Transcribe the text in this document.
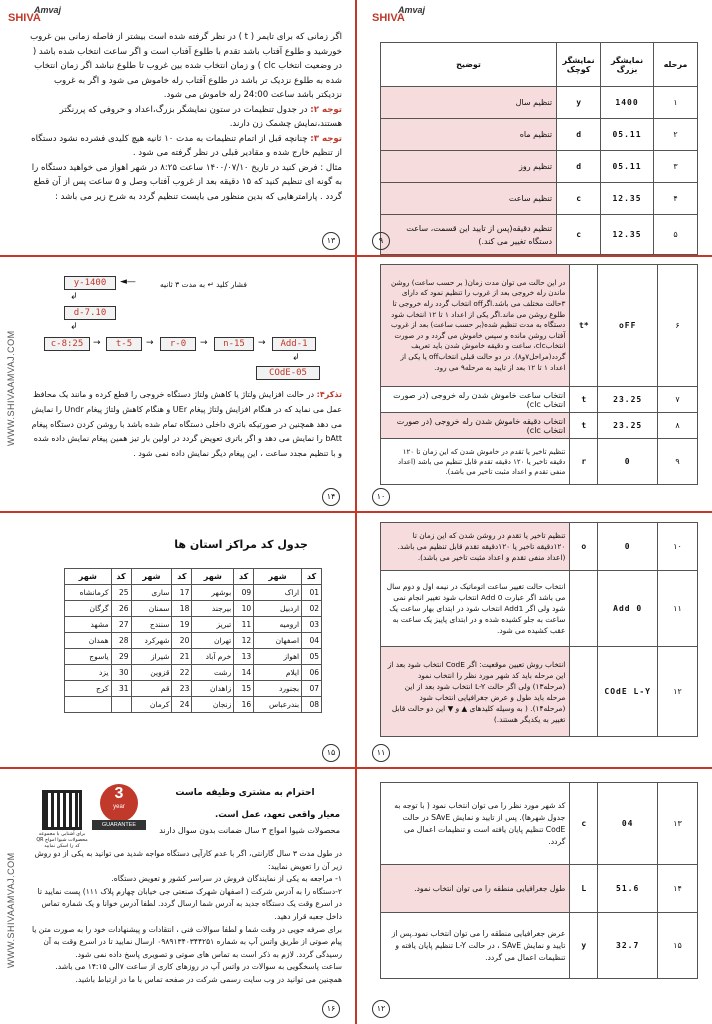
SHIVA
Amvaj
توضیح	نمایشگر کوچک	نمایشگر بزرگ	مرحله
تنظیم سال	y	1400	۱
تنظیم ماه	d	05.11	۲
تنظیم روز	d	05.11	۳
تنظیم ساعت	c	12.35	۴
تنظیم دقیقه(پس از تایید این قسمت، ساعت دستگاه تغییر می کند.)	c	12.35	۵
۹
در این حالت می توان مدت زمان( بر حسب ساعت) روشن ماندن رله خروجی بعد از غروب را تنظیم نمود که دارای ۳حالت مختلف می باشد.اگرoff انتخاب گردد رله خروجی تا طلوع روشن می ماند.اگر یکی از اعداد ۱ تا ۱۲ انتخاب شود دستگاه به مدت تنظیم شده(بر حسب ساعت) بعد از غروب آفتاب روشن مانده و سپس خاموش می گردد و در صورت انتخابclc، ساعت و دقیقه خاموش شدن باید تعریف گردد(مراحل۷و۸). در دو حالت قبلی انتخابoff یا یکی از اعداد ۱ تا ۱۲ بعد از تایید به مرحله۹ می رود.	t*	oFF	۶
انتخاب ساعت خاموش شدن رله خروجی (در صورت انتخاب clc)	t	23.25	۷
انتخاب دقیقه خاموش شدن رله خروجی (در صورت انتخاب clc)	t	23.25	۸
تنظیم تاخیر یا تقدم در خاموش شدن که این زمان تا ۱۲۰ دقیقه تاخیر یا ۱۲۰ دقیقه تقدم قابل تنظیم می باشد (اعداد منفی تقدم و اعداد مثبت تاخیر می باشد).	r	0	۹
۱۰
تنظیم تاخیر یا تقدم در روشن شدن که این زمان تا ۱۲۰دقیقه تاخیر یا ۱۲۰دقیقه تقدم قابل تنظیم می باشد.(اعداد منفی تقدم و اعداد مثبت تاخیر می باشد).	o	0	۱۰
انتخاب حالت تغییر ساعت اتوماتیک در نیمه اول و دوم سال می باشد اگر عبارت Add 0 انتخاب شود تغییر انجام نمی شود ولی اگر Add1 انتخاب شود در ابتدای بهار ساعت یک ساعت به جلو کشیده شده و در ابتدای پاییز یک ساعت به عقب کشیده می شود.		Add 0	۱۱
انتخاب روش تعیین موقعیت: اگر CodE انتخاب شود بعد از این مرحله باید کد شهر مورد نظر را انتخاب نمود (مرحله۱۳) ولی اگر حالت L-Y انتخاب شود بعد از این مرحله باید طول و عرض جغرافیایی انتخاب شود (مرحله۱۴). ( به وسیله کلیدهای ▲ و ▼ این دو حالت قابل تغییر به یکدیگر هستند.)		COdE L-Y	۱۲
۱۱
کد شهر مورد نظر را می توان انتخاب نمود ( با توجه به جدول شهرها). پس از تایید و نمایش SAvE در حالت CodE تنظیم پایان یافته است و تنظیمات اعمال می گردد.	c	04	۱۳
طول جغرافیایی منطقه را می توان انتخاب نمود.	L	51.6	۱۴
عرض جغرافیایی منطقه را می توان انتخاب نمود.پس از تایید و نمایش SAvE ، در حالت L-Y تنظیم پایان یافته و تنظیمات اعمال می گردد.	y	32.7	۱۵
۱۲
SHIVA
Amvaj

اگر زمانی که برای تایمر ( t ) در نظر گرفته شده است بیشتر از فاصله زمانی بین غروب خورشید و طلوع آفتاب باشد تقدم با طلوع آفتاب است و اگر ساعت انتخاب شده باشد ( در وضعیت انتخاب clc ) و زمان انتخاب شده بین غروب تا طلوع نباشد اگر زمان انتخاب شده به طلوع نزدیک تر باشد در طلوع آفتاب رله خاموش می شود و اگر به غروب نزدیکتر باشد ساعت 24:00 رله خاموش می شود.

توجه ۲: در جدول تنظیمات در ستون نمایشگر بزرگ،اعداد و حروفی که پررنگتر هستند،نمایش چشمک زن دارند.

توجه ۳: چنانچه قبل از اتمام تنظیمات به مدت ۱۰ ثانیه هیچ کلیدی فشرده نشود دستگاه از تنظیم خارج شده و مقادیر قبلی در نظر گرفته می شود .

مثال : فرض کنید در تاریخ ۱۴۰۰/۰۷/۱۰ ساعت ۸:۲۵ در شهر اهواز می خواهید دستگاه را به گونه ای تنظیم کنید که ۱۵ دقیقه بعد از غروب آفتاب وصل و ۵ ساعت پس از آن قطع گردد . پارامترهایی که بدین منظور می بایست تنظیم گردد به شرح زیر می باشد :

۱۳
WWW.SHIVAAMVAJ.COM
فشار کلید ↵ به مدت ۳ ثانیه
y-1400	◄—
↲
d-7.10
↲
c-8:25	→	t-5	→	r-0	→	n-15	→	Add-1
↲
COdE-05
تذکر۴: در حالت افزایش ولتاژ یا کاهش ولتاژ دستگاه خروجی را قطع کرده و مانند یک محافظ عمل می نماید که در هنگام افزایش ولتاژ پیغام UEr و هنگام کاهش ولتاژ پیغام Undr را نمایش می دهد همچنین در صورتیکه باتری داخلی دستگاه تمام شده باشد با روشن کردن دستگاه پیغام bAtt را نمایش می دهد و اگر باتری تعویض گردد در اولین بار تیز همین پیغام نمایش داده شده و با تنظیم مجدد ساعت ، این پیغام دیگر نمایش داده نمی شود .
۱۴
جدول کد مراکز استان ها
کد	شهر	کد	شهر	کد	شهر	کد	شهر
01	اراک	09	بوشهر	17	ساری	25	کرمانشاه
02	اردبیل	10	بیرجند	18	سمنان	26	گرگان
03	ارومیه	11	تبریز	19	سنندج	27	مشهد
04	اصفهان	12	تهران	20	شهرکرد	28	همدان
05	اهواز	13	خرم آباد	21	شیراز	29	یاسوج
06	ایلام	14	رشت	22	قزوین	30	یزد
07	بجنورد	15	زاهدان	23	قم	31	کرج
08	بندرعباس	16	زنجان	24	کرمان		
۱۵
WWW.SHIVAAMVAJ.COM
برای آشنایی با مجموعه محصولات شیوا امواج QR کد را اسکن نمایید
3
year
GUARANTEE
احترام به مشتری وظیفه ماست
معیار واقعی تعهد، عمل است.
محصولات شیوا امواج ۳ سال ضمانت بدون سوال دارند

در طول مدت ۳ سال گارانتی، اگر با عدم کارآیی دستگاه مواجه شدید می توانید به یکی از دو روش زیر آن را تعویض نمایید:

۱- مراجعه به یکی از نمایندگان فروش در سراسر کشور و تعویض دستگاه.

۲-دستگاه را به آدرس شرکت ( اصفهان شهرک صنعتی جی خیابان چهارم پلاک ۱۱۱) پست نمایید تا در اسرع وقت یک دستگاه جدید به آدرس شما ارسال گردد. لطفا آدرس خوانا و یک شماره تماس داخل جعبه قرار دهید.

برای صرفه جویی در وقت شما و لطفا سوالات فنی ، انتقادات و پیشنهادات خود را به صورت متن یا پیام صوتی از طریق واتس آپ به شماره ۰۹۸۹۱۳۴۰۳۴۴۲۵۱ ارسال نمایید تا در اسرع وقت به آن رسیدگی گردد. لازم به ذکر است به تماس های صوتی و تصویری پاسخ داده نمی شود.

ساعت پاسخگویی به سوالات در واتس آپ در روزهای کاری از ساعت ۷الی ۱۴:۱۵ می باشد. همچنین می توانید در وب سایت رسمی شرکت در صفحه تماس با ما در ارتباط باشید.

۱۶
